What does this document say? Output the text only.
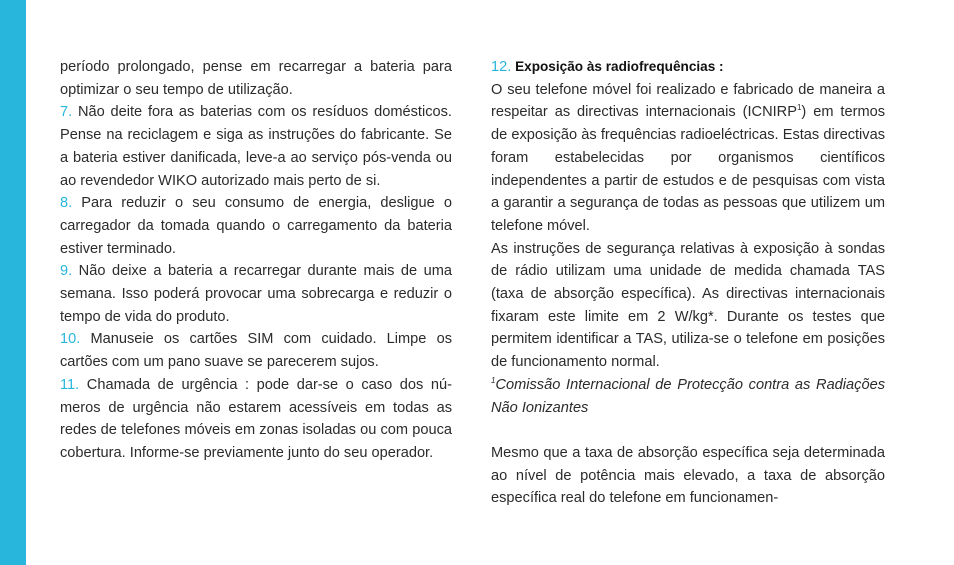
período prolongado, pense em recarregar a bateria para optimizar o seu tempo de utilização.

7. Não deite fora as baterias com os resíduos domésticos. Pense na reciclagem e siga as instruções do fabricante. Se a bateria estiver danificada, leve-a ao serviço pós-venda ou ao revendedor WIKO autorizado mais perto de si.

8. Para reduzir o seu consumo de energia, desligue o carregador da tomada quando o carregamento da bateria estiver terminado.

9. Não deixe a bateria a recarregar durante mais de uma semana. Isso poderá provocar uma sobrecarga e reduzir o tempo de vida do produto.

10. Manuseie os cartões SIM com cuidado. Limpe os cartões com um pano suave se parecerem sujos.

11. Chamada de urgência : pode dar-se o caso dos números de urgência não estarem acessíveis em todas as redes de telefones móveis em zonas isoladas ou com pouca cobertura. Informe-se previamente junto do seu operador.

12. Exposição às radiofrequências :

O seu telefone móvel foi realizado e fabricado de maneira a respeitar as directivas internacionais (ICNIRP$^1$) em termos de exposição às frequências radioeléctricas. Estas directivas foram estabelecidas por organismos científicos independentes a partir de estudos e de pesquisas com vista a garantir a segurança de todas as pessoas que utilizem um telefone móvel.

As instruções de segurança relativas à exposição à sondas de rádio utilizam uma unidade de medida chamada TAS (taxa de absorção específica). As directivas internacionais fixaram este limite em 2 W/kg*. Durante os testes que permitem identificar a TAS, utiliza-se o telefone em posições de funcionamento normal.

$^1$Comissão Internacional de Protecção contra as Radiações Não Ionizantes

Mesmo que a taxa de absorção específica seja determinada ao nível de potência mais elevado, a taxa de absorção específica real do telefone em funcionamen-
